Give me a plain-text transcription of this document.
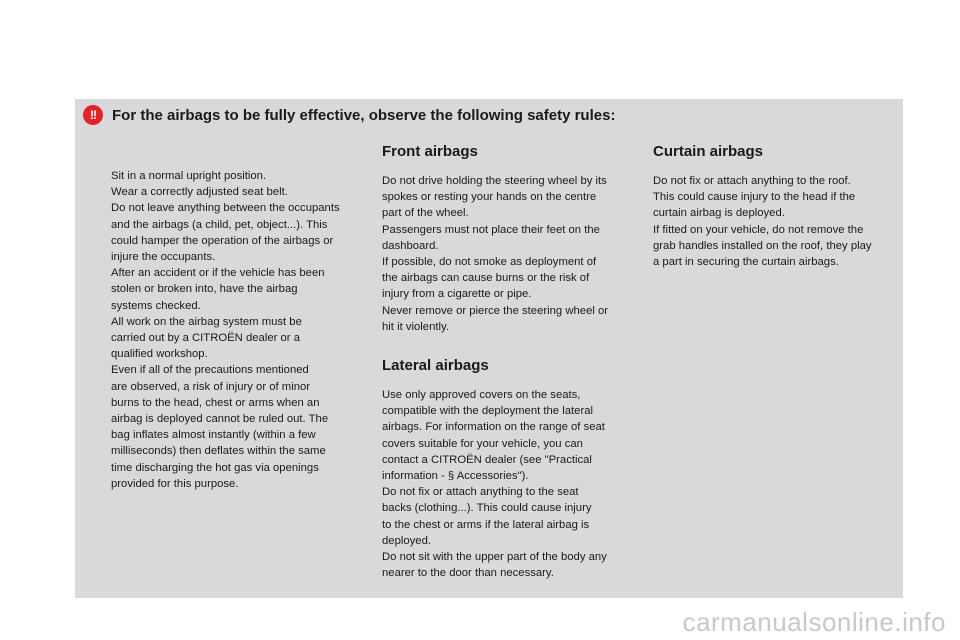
!!	For the airbags to be fully effective, observe the following safety rules:

Sit in a normal upright position.

Wear a correctly adjusted seat belt.

Do not leave anything between the occupants

and the airbags (a child, pet, object...). This

could hamper the operation of the airbags or

injure the occupants.

After an accident or if the vehicle has been

stolen or broken into, have the airbag

systems checked.

All work on the airbag system must be

carried out by a CITROËN dealer or a

qualified workshop.

Even if all of the precautions mentioned

are observed, a risk of injury or of minor

burns to the head, chest or arms when an

airbag is deployed cannot be ruled out. The

bag inflates almost instantly (within a few

milliseconds) then deflates within the same

time discharging the hot gas via openings

provided for this purpose.

Front airbags

Do not drive holding the steering wheel by its

spokes or resting your hands on the centre

part of the wheel.

Passengers must not place their feet on the

dashboard.

If possible, do not smoke as deployment of

the airbags can cause burns or the risk of

injury from a cigarette or pipe.

Never remove or pierce the steering wheel or

hit it violently.

Lateral airbags

Use only approved covers on the seats,

compatible with the deployment the lateral

airbags. For information on the range of seat

covers suitable for your vehicle, you can

contact a CITROËN dealer (see "Practical

information - § Accessories").

Do not fix or attach anything to the seat

backs (clothing...). This could cause injury

to the chest or arms if the lateral airbag is

deployed.

Do not sit with the upper part of the body any

nearer to the door than necessary.

Curtain airbags

Do not fix or attach anything to the roof.

This could cause injury to the head if the

curtain airbag is deployed.

If fitted on your vehicle, do not remove the

grab handles installed on the roof, they play

a part in securing the curtain airbags.

carmanualsonline.info
